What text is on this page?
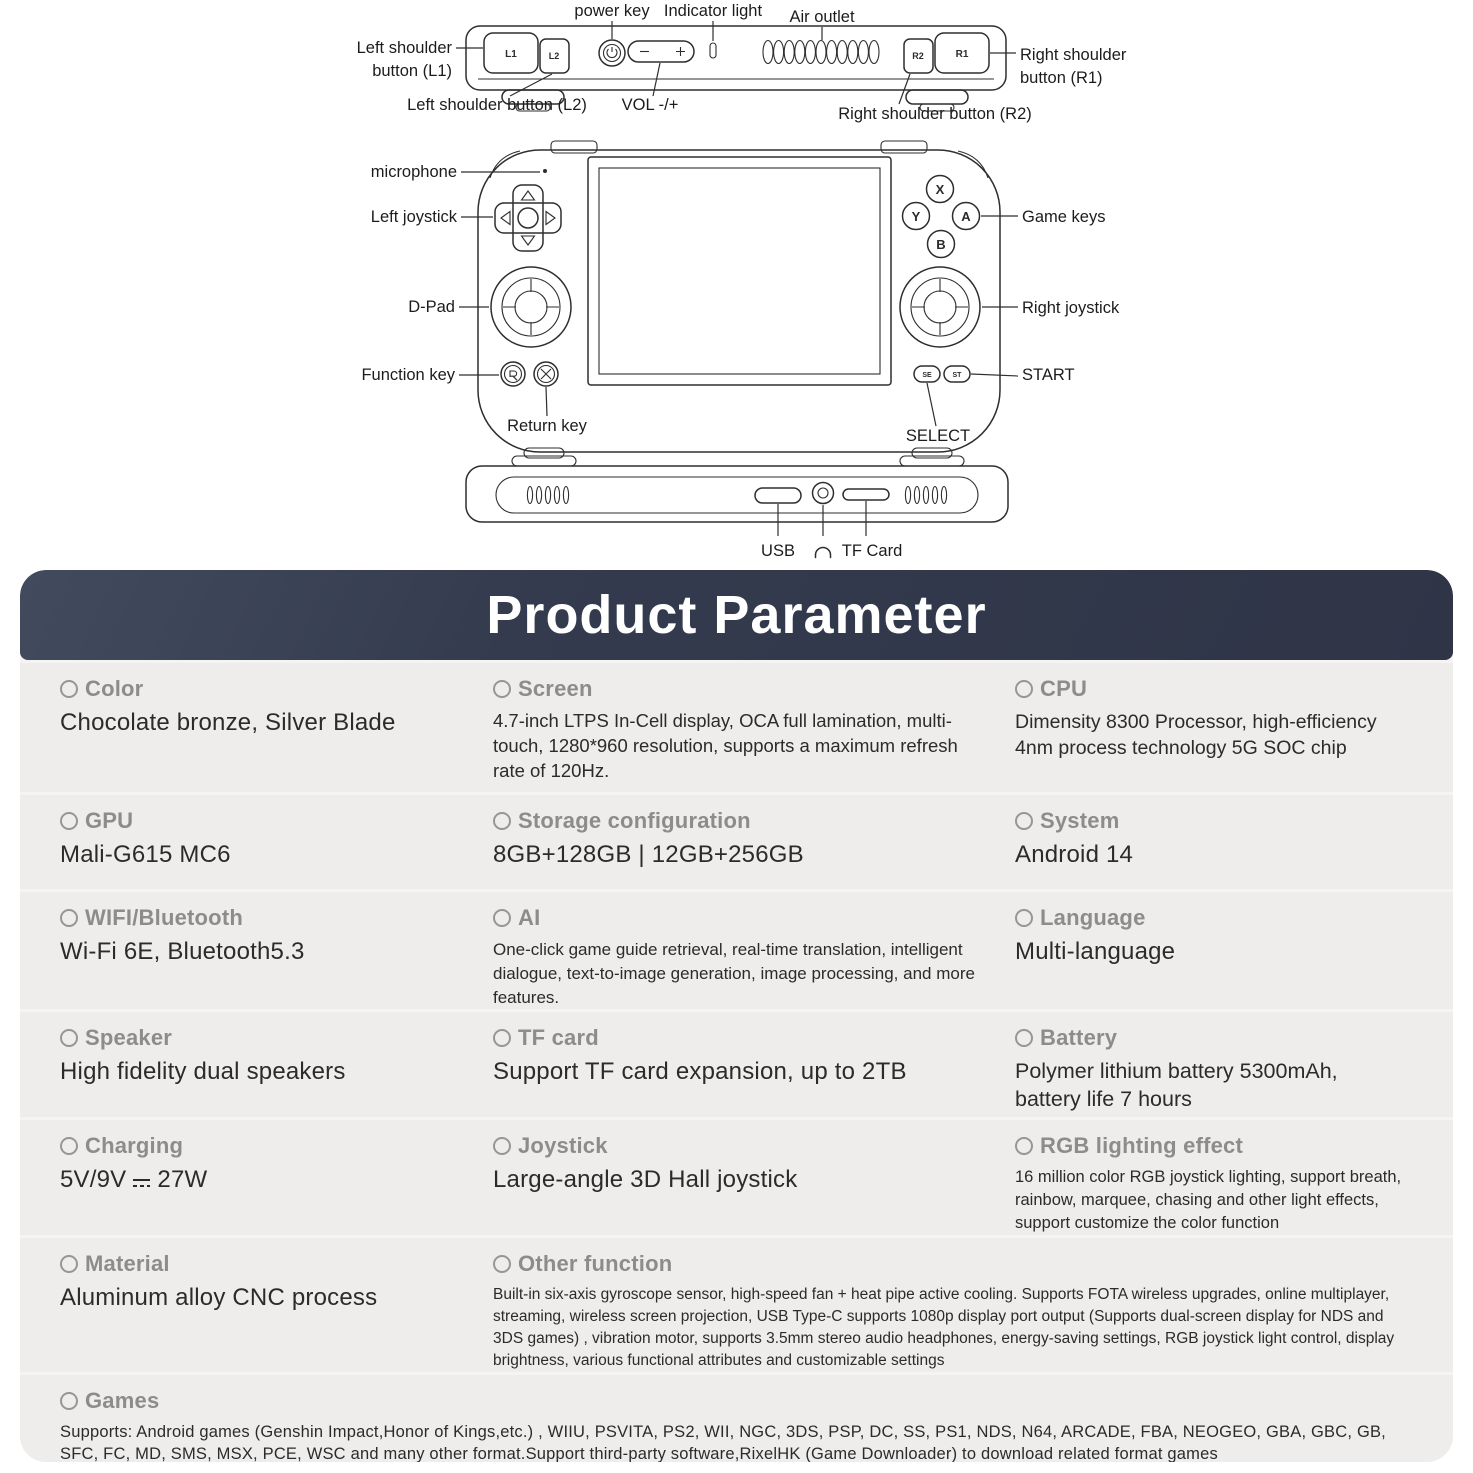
L1	L2	R2	R1
power key Indicator light Air outlet
Left shoulder
button (L1)
Left shoulder button (L2) VOL -/+
Right shoulder
button (R1)
Right shoulder button (R2)
X
Y	A
B
SE	ST
microphone
Left joystick
D-Pad
Function key
Return key
Game keys
Right joystick
START
SELECT
USB	TF Card
Product Parameter
Color
Chocolate bronze, Silver Blade
Screen
4.7-inch LTPS In-Cell display, OCA full lamination, multi-touch, 1280*960 resolution, supports a maximum refresh rate of 120Hz.
CPU
Dimensity 8300 Processor, high-efficiency 4nm process technology 5G SOC chip
GPU
Mali-G615 MC6
Storage configuration
8GB+128GB | 12GB+256GB
System
Android 14
WIFI/Bluetooth
Wi-Fi 6E, Bluetooth5.3
AI
One-click game guide retrieval, real-time translation, intelligent dialogue, text-to-image generation, image processing, and more features.
Language
Multi-language
Speaker
High fidelity dual speakers
TF card
Support TF card expansion, up to 2TB
Battery
Polymer lithium battery 5300mAh, battery life 7 hours
Charging
5V/9V 27W
Joystick
Large-angle 3D Hall joystick
RGB lighting effect
16 million color RGB joystick lighting, support breath, rainbow, marquee, chasing and other light effects, support customize the color function
Material
Aluminum alloy CNC process
Other function
Built-in six-axis gyroscope sensor, high-speed fan + heat pipe active cooling. Supports FOTA wireless upgrades, online multiplayer, streaming, wireless screen projection, USB Type-C supports 1080p display port output (Supports dual-screen display for NDS and 3DS games) , vibration motor, supports 3.5mm stereo audio headphones, energy-saving settings, RGB joystick light control, display brightness, various functional attributes and customizable settings
Games
Supports: Android games (Genshin Impact,Honor of Kings,etc.) , WIIU, PSVITA, PS2, WII, NGC, 3DS, PSP, DC, SS, PS1, NDS, N64, ARCADE, FBA, NEOGEO, GBA, GBC, GB, SFC, FC, MD, SMS, MSX, PCE, WSC and many other format.Support third-party software,RixelHK (Game Downloader) to download related format games
